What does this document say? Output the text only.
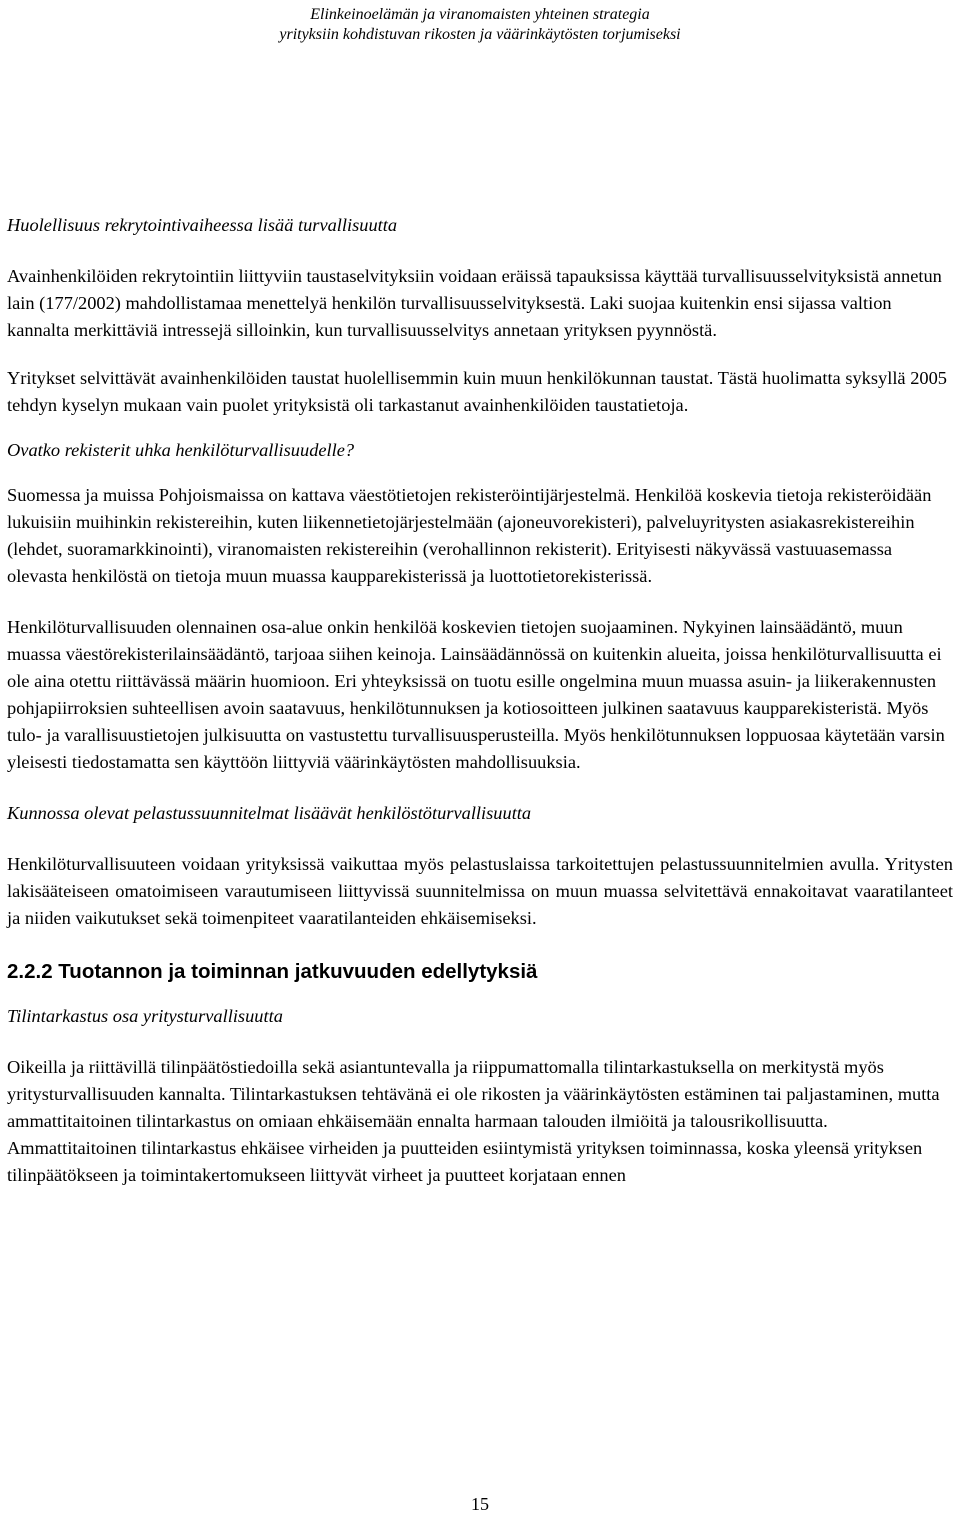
Elinkeinoelämän ja viranomaisten yhteinen strategia
yrityksiin kohdistuvan rikosten ja väärinkäytösten torjumiseksi
Huolellisuus rekrytointivaiheessa lisää turvallisuutta

Avainhenkilöiden rekrytointiin liittyviin taustaselvityksiin voidaan eräissä tapauksissa käyttää turvallisuusselvityksistä annetun lain (177/2002) mahdollistamaa menettelyä henkilön turvallisuusselvityksestä. Laki suojaa kuitenkin ensi sijassa valtion kannalta merkittäviä intressejä silloinkin, kun turvallisuusselvitys annetaan yrityksen pyynnöstä.

Yritykset selvittävät avainhenkilöiden taustat huolellisemmin kuin muun henkilökunnan taustat. Tästä huolimatta syksyllä 2005 tehdyn kyselyn mukaan vain puolet yrityksistä oli tarkastanut avainhenkilöiden taustatietoja.

Ovatko rekisterit uhka henkilöturvallisuudelle?

Suomessa ja muissa Pohjoismaissa on kattava väestötietojen rekisteröintijärjestelmä. Henkilöä koskevia tietoja rekisteröidään lukuisiin muihinkin rekistereihin, kuten liikennetietojärjestelmään (ajoneuvorekisteri), palveluyritysten asiakasrekistereihin (lehdet, suoramarkkinointi), viranomaisten rekistereihin (verohallinnon rekisterit). Erityisesti näkyvässä vastuuasemassa olevasta henkilöstä on tietoja muun muassa kaupparekisterissä ja luottotietorekisterissä.

Henkilöturvallisuuden olennainen osa-alue onkin henkilöä koskevien tietojen suojaaminen. Nykyinen lainsäädäntö, muun muassa väestörekisterilainsäädäntö, tarjoaa siihen keinoja. Lainsäädännössä on kuitenkin alueita, joissa henkilöturvallisuutta ei ole aina otettu riittävässä määrin huomioon. Eri yhteyksissä on tuotu esille ongelmina muun muassa asuin- ja liikerakennusten pohjapiirroksien suhteellisen avoin saatavuus, henkilötunnuksen ja kotiosoitteen julkinen saatavuus kaupparekisteristä. Myös tulo- ja varallisuustietojen julkisuutta on vastustettu turvallisuusperusteilla. Myös henkilötunnuksen loppuosaa käytetään varsin yleisesti tiedostamatta sen käyttöön liittyviä väärinkäytösten mahdollisuuksia.

Kunnossa olevat pelastussuunnitelmat lisäävät henkilöstöturvallisuutta

Henkilöturvallisuuteen voidaan yrityksissä vaikuttaa myös pelastuslaissa tarkoitettujen pelastussuunnitelmien avulla. Yritysten lakisääteiseen omatoimiseen varautumiseen liittyvissä suunnitelmissa on muun muassa selvitettävä ennakoitavat vaaratilanteet ja niiden vaikutukset sekä toimenpiteet vaaratilanteiden ehkäisemiseksi.

2.2.2 Tuotannon ja toiminnan jatkuvuuden edellytyksiä
Tilintarkastus osa yritysturvallisuutta

Oikeilla ja riittävillä tilinpäätöstiedoilla sekä asiantuntevalla ja riippumattomalla tilintarkastuksella on merkitystä myös yritysturvallisuuden kannalta. Tilintarkastuksen tehtävänä ei ole rikosten ja väärinkäytösten estäminen tai paljastaminen, mutta ammattitaitoinen tilintarkastus on omiaan ehkäisemään ennalta harmaan talouden ilmiöitä ja talousrikollisuutta. Ammattitaitoinen tilintarkastus ehkäisee virheiden ja puutteiden esiintymistä yrityksen toiminnassa, koska yleensä yrityksen tilinpäätökseen ja toimintakertomukseen liittyvät virheet ja puutteet korjataan ennen

15
